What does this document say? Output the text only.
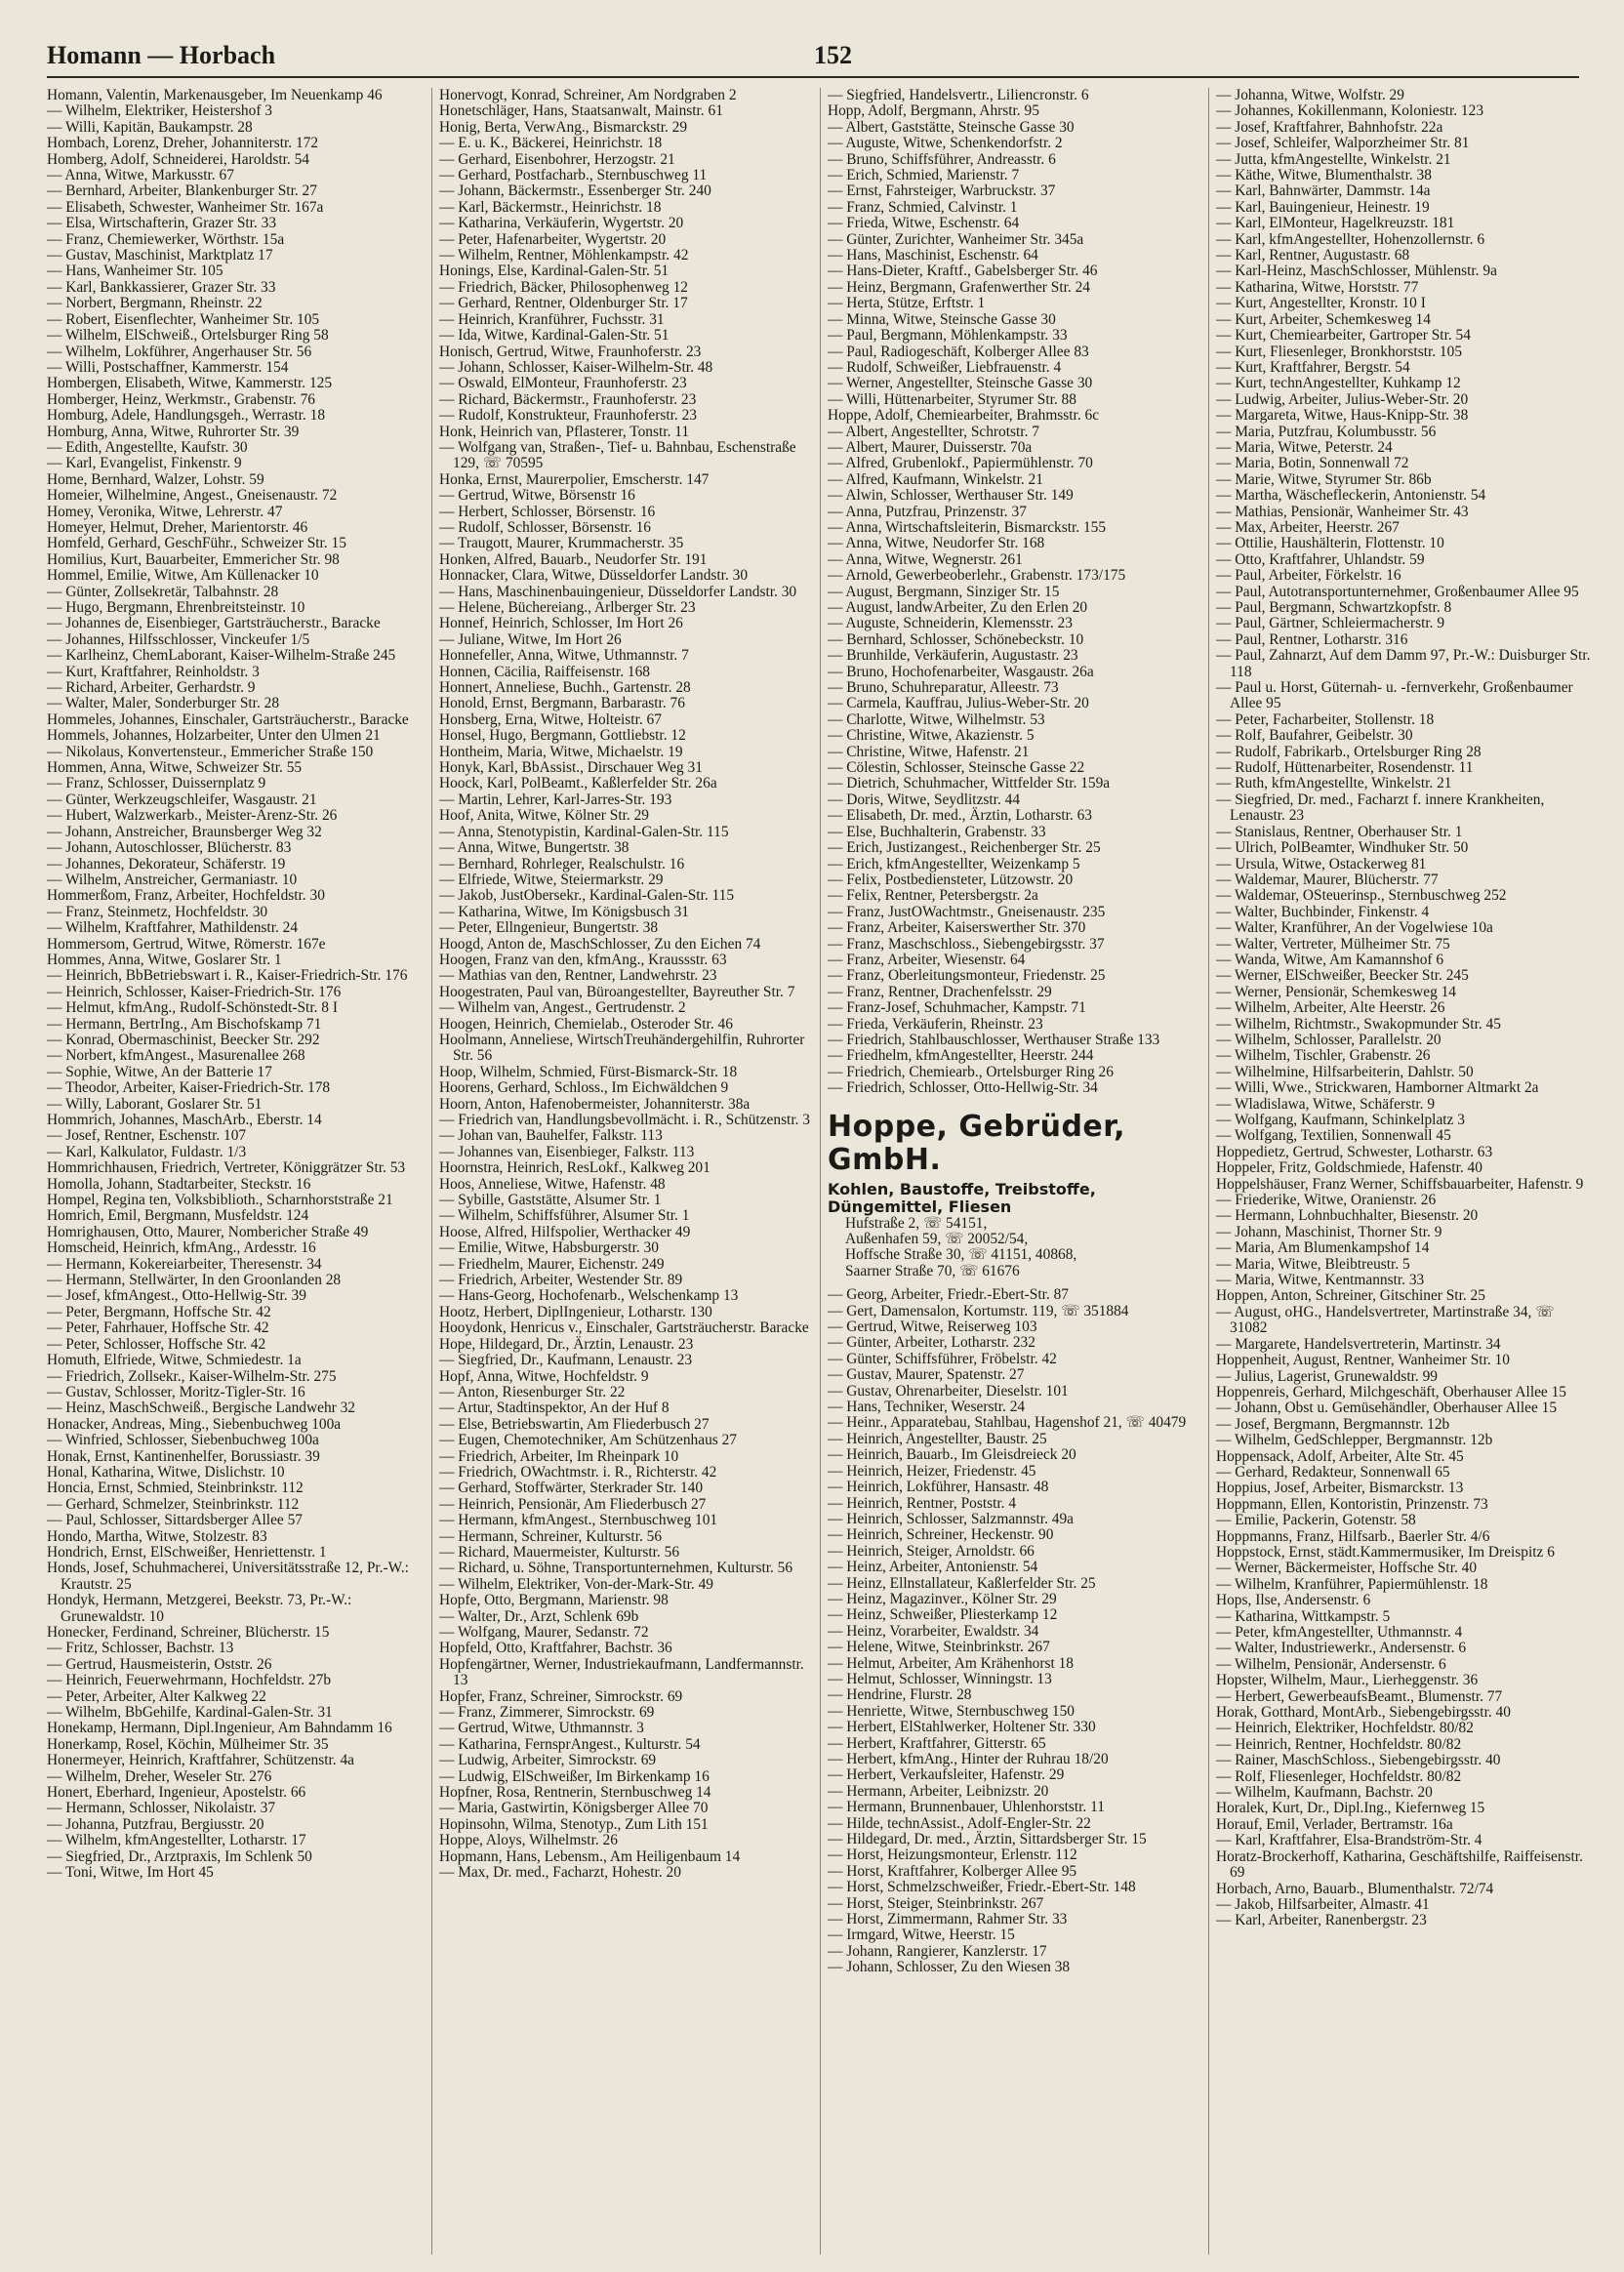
Homann — Horbach	152
Homann, Valentin, Markenausgeber, Im Neuenkamp 46
— Wilhelm, Elektriker, Heistershof 3
— Willi, Kapitän, Baukampstr. 28
Hombach, Lorenz, Dreher, Johanniterstr. 172
Homberg, Adolf, Schneiderei, Haroldstr. 54
— Anna, Witwe, Markusstr. 67
— Bernhard, Arbeiter, Blankenburger Str. 27
— Elisabeth, Schwester, Wanheimer Str. 167a
— Elsa, Wirtschafterin, Grazer Str. 33
— Franz, Chemiewerker, Wörthstr. 15a
— Gustav, Maschinist, Marktplatz 17
— Hans, Wanheimer Str. 105
— Karl, Bankkassierer, Grazer Str. 33
— Norbert, Bergmann, Rheinstr. 22
— Robert, Eisenflechter, Wanheimer Str. 105
— Wilhelm, ElSchweiß., Ortelsburger Ring 58
— Wilhelm, Lokführer, Angerhauser Str. 56
— Willi, Postschaffner, Kammerstr. 154
Hombergen, Elisabeth, Witwe, Kammerstr. 125
Homberger, Heinz, Werkmstr., Grabenstr. 76
Homburg, Adele, Handlungsgeh., Werrastr. 18
Homburg, Anna, Witwe, Ruhrorter Str. 39
— Edith, Angestellte, Kaufstr. 30
— Karl, Evangelist, Finkenstr. 9
Home, Bernhard, Walzer, Lohstr. 59
Homeier, Wilhelmine, Angest., Gneisenaustr. 72
Homey, Veronika, Witwe, Lehrerstr. 47
Homeyer, Helmut, Dreher, Marientorstr. 46
Homfeld, Gerhard, GeschFühr., Schweizer Str. 15
Homilius, Kurt, Bauarbeiter, Emmericher Str. 98
Hommel, Emilie, Witwe, Am Küllenacker 10
— Günter, Zollsekretär, Talbahnstr. 28
— Hugo, Bergmann, Ehrenbreitsteinstr. 10
— Johannes de, Eisenbieger, Gartsträucherstr., Baracke
— Johannes, Hilfsschlosser, Vinckeufer 1/5
— Karlheinz, ChemLaborant, Kaiser-Wilhelm-Straße 245
— Kurt, Kraftfahrer, Reinholdstr. 3
— Richard, Arbeiter, Gerhardstr. 9
— Walter, Maler, Sonderburger Str. 28
Hommeles, Johannes, Einschaler, Gartsträucherstr., Baracke
Hommels, Johannes, Holzarbeiter, Unter den Ulmen 21
— Nikolaus, Konvertensteur., Emmericher Straße 150
Hommen, Anna, Witwe, Schweizer Str. 55
— Franz, Schlosser, Duissernplatz 9
— Günter, Werkzeugschleifer, Wasgaustr. 21
— Hubert, Walzwerkarb., Meister-Arenz-Str. 26
— Johann, Anstreicher, Braunsberger Weg 32
— Johann, Autoschlosser, Blücherstr. 83
— Johannes, Dekorateur, Schäferstr. 19
— Wilhelm, Anstreicher, Germaniastr. 10
Hommerßom, Franz, Arbeiter, Hochfeldstr. 30
— Franz, Steinmetz, Hochfeldstr. 30
— Wilhelm, Kraftfahrer, Mathildenstr. 24
Hommersom, Gertrud, Witwe, Römerstr. 167e
Hommes, Anna, Witwe, Goslarer Str. 1
— Heinrich, BbBetriebswart i. R., Kaiser-Friedrich-Str. 176
— Heinrich, Schlosser, Kaiser-Friedrich-Str. 176
— Helmut, kfmAng., Rudolf-Schönstedt-Str. 8 I
— Hermann, BertrIng., Am Bischofskamp 71
— Konrad, Obermaschinist, Beecker Str. 292
— Norbert, kfmAngest., Masurenallee 268
— Sophie, Witwe, An der Batterie 17
— Theodor, Arbeiter, Kaiser-Friedrich-Str. 178
— Willy, Laborant, Goslarer Str. 51
Hommrich, Johannes, MaschArb., Eberstr. 14
— Josef, Rentner, Eschenstr. 107
— Karl, Kalkulator, Fuldastr. 1/3
Hommrichhausen, Friedrich, Vertreter, Königgrätzer Str. 53
Homolla, Johann, Stadtarbeiter, Steckstr. 16
Hompel, Regina ten, Volksbiblioth., Scharnhorststraße 21
Homrich, Emil, Bergmann, Musfeldstr. 124
Homrighausen, Otto, Maurer, Nombericher Straße 49
Homscheid, Heinrich, kfmAng., Ardesstr. 16
— Hermann, Kokereiarbeiter, Theresenstr. 34
— Hermann, Stellwärter, In den Groonlanden 28
— Josef, kfmAngest., Otto-Hellwig-Str. 39
— Peter, Bergmann, Hoffsche Str. 42
— Peter, Fahrhauer, Hoffsche Str. 42
— Peter, Schlosser, Hoffsche Str. 42
Homuth, Elfriede, Witwe, Schmiedestr. 1a
— Friedrich, Zollsekr., Kaiser-Wilhelm-Str. 275
— Gustav, Schlosser, Moritz-Tigler-Str. 16
— Heinz, MaschSchweiß., Bergische Landwehr 32
Honacker, Andreas, Ming., Siebenbuchweg 100a
— Winfried, Schlosser, Siebenbuchweg 100a
Honak, Ernst, Kantinenhelfer, Borussiastr. 39
Honal, Katharina, Witwe, Dislichstr. 10
Honcia, Ernst, Schmied, Steinbrinkstr. 112
— Gerhard, Schmelzer, Steinbrinkstr. 112
— Paul, Schlosser, Sittardsberger Allee 57
Hondo, Martha, Witwe, Stolzestr. 83
Hondrich, Ernst, ElSchweißer, Henriettenstr. 1
Honds, Josef, Schuhmacherei, Universitätsstraße 12, Pr.-W.: Krautstr. 25
Hondyk, Hermann, Metzgerei, Beekstr. 73, Pr.-W.: Grunewaldstr. 10
Honecker, Ferdinand, Schreiner, Blücherstr. 15
— Fritz, Schlosser, Bachstr. 13
— Gertrud, Hausmeisterin, Oststr. 26
— Heinrich, Feuerwehrmann, Hochfeldstr. 27b
— Peter, Arbeiter, Alter Kalkweg 22
— Wilhelm, BbGehilfe, Kardinal-Galen-Str. 31
Honekamp, Hermann, Dipl.Ingenieur, Am Bahndamm 16
Honerkamp, Rosel, Köchin, Mülheimer Str. 35
Honermeyer, Heinrich, Kraftfahrer, Schützenstr. 4a
— Wilhelm, Dreher, Weseler Str. 276
Honert, Eberhard, Ingenieur, Apostelstr. 66
— Hermann, Schlosser, Nikolaistr. 37
— Johanna, Putzfrau, Bergiusstr. 20
— Wilhelm, kfmAngestellter, Lotharstr. 17
— Siegfried, Dr., Arztpraxis, Im Schlenk 50
— Toni, Witwe, Im Hort 45
Honervogt, Konrad, Schreiner, Am Nordgraben 2
Honetschläger, Hans, Staatsanwalt, Mainstr. 61
Honig, Berta, VerwAng., Bismarckstr. 29
— E. u. K., Bäckerei, Heinrichstr. 18
— Gerhard, Eisenbohrer, Herzogstr. 21
— Gerhard, Postfacharb., Sternbuschweg 11
— Johann, Bäckermstr., Essenberger Str. 240
— Karl, Bäckermstr., Heinrichstr. 18
— Katharina, Verkäuferin, Wygertstr. 20
— Peter, Hafenarbeiter, Wygertstr. 20
— Wilhelm, Rentner, Möhlenkampstr. 42
Honings, Else, Kardinal-Galen-Str. 51
— Friedrich, Bäcker, Philosophenweg 12
— Gerhard, Rentner, Oldenburger Str. 17
— Heinrich, Kranführer, Fuchsstr. 31
— Ida, Witwe, Kardinal-Galen-Str. 51
Honisch, Gertrud, Witwe, Fraunhoferstr. 23
— Johann, Schlosser, Kaiser-Wilhelm-Str. 48
— Oswald, ElMonteur, Fraunhoferstr. 23
— Richard, Bäckermstr., Fraunhoferstr. 23
— Rudolf, Konstrukteur, Fraunhoferstr. 23
Honk, Heinrich van, Pflasterer, Tonstr. 11
— Wolfgang van, Straßen-, Tief- u. Bahnbau, Eschenstraße 129, ☏ 70595
Honka, Ernst, Maurerpolier, Emscherstr. 147
— Gertrud, Witwe, Börsenstr 16
— Herbert, Schlosser, Börsenstr. 16
— Rudolf, Schlosser, Börsenstr. 16
— Traugott, Maurer, Krummacherstr. 35
Honken, Alfred, Bauarb., Neudorfer Str. 191
Honnacker, Clara, Witwe, Düsseldorfer Landstr. 30
— Hans, Maschinenbauingenieur, Düsseldorfer Landstr. 30
— Helene, Büchereiang., Arlberger Str. 23
Honnef, Heinrich, Schlosser, Im Hort 26
— Juliane, Witwe, Im Hort 26
Honnefeller, Anna, Witwe, Uthmannstr. 7
Honnen, Cäcilia, Raiffeisenstr. 168
Honnert, Anneliese, Buchh., Gartenstr. 28
Honold, Ernst, Bergmann, Barbarastr. 76
Honsberg, Erna, Witwe, Holteistr. 67
Honsel, Hugo, Bergmann, Gottliebstr. 12
Hontheim, Maria, Witwe, Michaelstr. 19
Honyk, Karl, BbAssist., Dirschauer Weg 31
Hoock, Karl, PolBeamt., Kaßlerfelder Str. 26a
— Martin, Lehrer, Karl-Jarres-Str. 193
Hoof, Anita, Witwe, Kölner Str. 29
— Anna, Stenotypistin, Kardinal-Galen-Str. 115
— Anna, Witwe, Bungertstr. 38
— Bernhard, Rohrleger, Realschulstr. 16
— Elfriede, Witwe, Steiermarkstr. 29
— Jakob, JustObersekr., Kardinal-Galen-Str. 115
— Katharina, Witwe, Im Königsbusch 31
— Peter, Ellngenieur, Bungertstr. 38
Hoogd, Anton de, MaschSchlosser, Zu den Eichen 74
Hoogen, Franz van den, kfmAng., Kraussstr. 63
— Mathias van den, Rentner, Landwehrstr. 23
Hoogestraten, Paul van, Büroangestellter, Bayreuther Str. 7
— Wilhelm van, Angest., Gertrudenstr. 2
Hoogen, Heinrich, Chemielab., Osteroder Str. 46
Hoolmann, Anneliese, WirtschTreuhändergehilfin, Ruhrorter Str. 56
Hoop, Wilhelm, Schmied, Fürst-Bismarck-Str. 18
Hoorens, Gerhard, Schloss., Im Eichwäldchen 9
Hoorn, Anton, Hafenobermeister, Johanniterstr. 38a
— Friedrich van, Handlungsbevollmächt. i. R., Schützenstr. 3
— Johan van, Bauhelfer, Falkstr. 113
— Johannes van, Eisenbieger, Falkstr. 113
Hoornstra, Heinrich, ResLokf., Kalkweg 201
Hoos, Anneliese, Witwe, Hafenstr. 48
— Sybille, Gaststätte, Alsumer Str. 1
— Wilhelm, Schiffsführer, Alsumer Str. 1
Hoose, Alfred, Hilfspolier, Werthacker 49
— Emilie, Witwe, Habsburgerstr. 30
— Friedhelm, Maurer, Eichenstr. 249
— Friedrich, Arbeiter, Westender Str. 89
— Hans-Georg, Hochofenarb., Welschenkamp 13
Hootz, Herbert, DiplIngenieur, Lotharstr. 130
Hooydonk, Henricus v., Einschaler, Gartsträucherstr. Baracke
Hope, Hildegard, Dr., Ärztin, Lenaustr. 23
— Siegfried, Dr., Kaufmann, Lenaustr. 23
Hopf, Anna, Witwe, Hochfeldstr. 9
— Anton, Riesenburger Str. 22
— Artur, Stadtinspektor, An der Huf 8
— Else, Betriebswartin, Am Fliederbusch 27
— Eugen, Chemotechniker, Am Schützenhaus 27
— Friedrich, Arbeiter, Im Rheinpark 10
— Friedrich, OWachtmstr. i. R., Richterstr. 42
— Gerhard, Stoffwärter, Sterkrader Str. 140
— Heinrich, Pensionär, Am Fliederbusch 27
— Hermann, kfmAngest., Sternbuschweg 101
— Hermann, Schreiner, Kulturstr. 56
— Richard, Mauermeister, Kulturstr. 56
— Richard, u. Söhne, Transportunternehmen, Kulturstr. 56
— Wilhelm, Elektriker, Von-der-Mark-Str. 49
Hopfe, Otto, Bergmann, Marienstr. 98
— Walter, Dr., Arzt, Schlenk 69b
— Wolfgang, Maurer, Sedanstr. 72
Hopfeld, Otto, Kraftfahrer, Bachstr. 36
Hopfengärtner, Werner, Industriekaufmann, Landfermannstr. 13
Hopfer, Franz, Schreiner, Simrockstr. 69
— Franz, Zimmerer, Simrockstr. 69
— Gertrud, Witwe, Uthmannstr. 3
— Katharina, FernsprAngest., Kulturstr. 54
— Ludwig, Arbeiter, Simrockstr. 69
— Ludwig, ElSchweißer, Im Birkenkamp 16
Hopfner, Rosa, Rentnerin, Sternbuschweg 14
— Maria, Gastwirtin, Königsberger Allee 70
Hopinsohn, Wilma, Stenotyp., Zum Lith 151
Hoppe, Aloys, Wilhelmstr. 26
Hopmann, Hans, Lebensm., Am Heiligenbaum 14
— Max, Dr. med., Facharzt, Hohestr. 20
— Siegfried, Handelsvertr., Liliencronstr. 6
Hopp, Adolf, Bergmann, Ahrstr. 95
— Albert, Gaststätte, Steinsche Gasse 30
— Auguste, Witwe, Schenkendorfstr. 2
— Bruno, Schiffsführer, Andreasstr. 6
— Erich, Schmied, Marienstr. 7
— Ernst, Fahrsteiger, Warbruckstr. 37
— Franz, Schmied, Calvinstr. 1
— Frieda, Witwe, Eschenstr. 64
— Günter, Zurichter, Wanheimer Str. 345a
— Hans, Maschinist, Eschenstr. 64
— Hans-Dieter, Kraftf., Gabelsberger Str. 46
— Heinz, Bergmann, Grafenwerther Str. 24
— Herta, Stütze, Erftstr. 1
— Minna, Witwe, Steinsche Gasse 30
— Paul, Bergmann, Möhlenkampstr. 33
— Paul, Radiogeschäft, Kolberger Allee 83
— Rudolf, Schweißer, Liebfrauenstr. 4
— Werner, Angestellter, Steinsche Gasse 30
— Willi, Hüttenarbeiter, Styrumer Str. 88
Hoppe, Adolf, Chemiearbeiter, Brahmsstr. 6c
— Albert, Angestellter, Schrotstr. 7
— Albert, Maurer, Duisserstr. 70a
— Alfred, Grubenlokf., Papiermühlenstr. 70
— Alfred, Kaufmann, Winkelstr. 21
— Alwin, Schlosser, Werthauser Str. 149
— Anna, Putzfrau, Prinzenstr. 37
— Anna, Wirtschaftsleiterin, Bismarckstr. 155
— Anna, Witwe, Neudorfer Str. 168
— Anna, Witwe, Wegnerstr. 261
— Arnold, Gewerbeoberlehr., Grabenstr. 173/175
— August, Bergmann, Sinziger Str. 15
— August, landwArbeiter, Zu den Erlen 20
— Auguste, Schneiderin, Klemensstr. 23
— Bernhard, Schlosser, Schönebeckstr. 10
— Brunhilde, Verkäuferin, Augustastr. 23
— Bruno, Hochofenarbeiter, Wasgaustr. 26a
— Bruno, Schuhreparatur, Alleestr. 73
— Carmela, Kauffrau, Julius-Weber-Str. 20
— Charlotte, Witwe, Wilhelmstr. 53
— Christine, Witwe, Akazienstr. 5
— Christine, Witwe, Hafenstr. 21
— Cölestin, Schlosser, Steinsche Gasse 22
— Dietrich, Schuhmacher, Wittfelder Str. 159a
— Doris, Witwe, Seydlitzstr. 44
— Elisabeth, Dr. med., Ärztin, Lotharstr. 63
— Else, Buchhalterin, Grabenstr. 33
— Erich, Justizangest., Reichenberger Str. 25
— Erich, kfmAngestellter, Weizenkamp 5
— Felix, Postbediensteter, Lützowstr. 20
— Felix, Rentner, Petersbergstr. 2a
— Franz, JustOWachtmstr., Gneisenaustr. 235
— Franz, Arbeiter, Kaiserswerther Str. 370
— Franz, Maschschloss., Siebengebirgsstr. 37
— Franz, Arbeiter, Wiesenstr. 64
— Franz, Oberleitungsmonteur, Friedenstr. 25
— Franz, Rentner, Drachenfelsstr. 29
— Franz-Josef, Schuhmacher, Kampstr. 71
— Frieda, Verkäuferin, Rheinstr. 23
— Friedrich, Stahlbauschlosser, Werthauser Straße 133
— Friedhelm, kfmAngestellter, Heerstr. 244
— Friedrich, Chemiearb., Ortelsburger Ring 26
— Friedrich, Schlosser, Otto-Hellwig-Str. 34
Hoppe, Gebrüder, GmbH.
Kohlen, Baustoffe, Treibstoffe, Düngemittel, Fliesen
Hufstraße 2, ☏ 54151,
Außenhafen 59, ☏ 20052/54,
Hoffsche Straße 30, ☏ 41151, 40868,
Saarner Straße 70, ☏ 61676
— Georg, Arbeiter, Friedr.-Ebert-Str. 87
— Gert, Damensalon, Kortumstr. 119, ☏ 351884
— Gertrud, Witwe, Reiserweg 103
— Günter, Arbeiter, Lotharstr. 232
— Günter, Schiffsführer, Fröbelstr. 42
— Gustav, Maurer, Spatenstr. 27
— Gustav, Ohrenarbeiter, Dieselstr. 101
— Hans, Techniker, Weserstr. 24
— Heinr., Apparatebau, Stahlbau, Hagenshof 21, ☏ 40479
— Heinrich, Angestellter, Baustr. 25
— Heinrich, Bauarb., Im Gleisdreieck 20
— Heinrich, Heizer, Friedenstr. 45
— Heinrich, Lokführer, Hansastr. 48
— Heinrich, Rentner, Poststr. 4
— Heinrich, Schlosser, Salzmannstr. 49a
— Heinrich, Schreiner, Heckenstr. 90
— Heinrich, Steiger, Arnoldstr. 66
— Heinz, Arbeiter, Antonienstr. 54
— Heinz, Ellnstallateur, Kaßlerfelder Str. 25
— Heinz, Magazinver., Kölner Str. 29
— Heinz, Schweißer, Pliesterkamp 12
— Heinz, Vorarbeiter, Ewaldstr. 34
— Helene, Witwe, Steinbrinkstr. 267
— Helmut, Arbeiter, Am Krähenhorst 18
— Helmut, Schlosser, Winningstr. 13
— Hendrine, Flurstr. 28
— Henriette, Witwe, Sternbuschweg 150
— Herbert, ElStahlwerker, Holtener Str. 330
— Herbert, Kraftfahrer, Gitterstr. 65
— Herbert, kfmAng., Hinter der Ruhrau 18/20
— Herbert, Verkaufsleiter, Hafenstr. 29
— Hermann, Arbeiter, Leibnizstr. 20
— Hermann, Brunnenbauer, Uhlenhorststr. 11
— Hilde, technAssist., Adolf-Engler-Str. 22
— Hildegard, Dr. med., Ärztin, Sittardsberger Str. 15
— Horst, Heizungsmonteur, Erlenstr. 112
— Horst, Kraftfahrer, Kolberger Allee 95
— Horst, Schmelzschweißer, Friedr.-Ebert-Str. 148
— Horst, Steiger, Steinbrinkstr. 267
— Horst, Zimmermann, Rahmer Str. 33
— Irmgard, Witwe, Heerstr. 15
— Johann, Rangierer, Kanzlerstr. 17
— Johann, Schlosser, Zu den Wiesen 38
— Johanna, Witwe, Wolfstr. 29
— Johannes, Kokillenmann, Koloniestr. 123
— Josef, Kraftfahrer, Bahnhofstr. 22a
— Josef, Schleifer, Walporzheimer Str. 81
— Jutta, kfmAngestellte, Winkelstr. 21
— Käthe, Witwe, Blumenthalstr. 38
— Karl, Bahnwärter, Dammstr. 14a
— Karl, Bauingenieur, Heinestr. 19
— Karl, ElMonteur, Hagelkreuzstr. 181
— Karl, kfmAngestellter, Hohenzollernstr. 6
— Karl, Rentner, Augustastr. 68
— Karl-Heinz, MaschSchlosser, Mühlenstr. 9a
— Katharina, Witwe, Horststr. 77
— Kurt, Angestellter, Kronstr. 10 I
— Kurt, Arbeiter, Schemkesweg 14
— Kurt, Chemiearbeiter, Gartroper Str. 54
— Kurt, Fliesenleger, Bronkhorststr. 105
— Kurt, Kraftfahrer, Bergstr. 54
— Kurt, technAngestellter, Kuhkamp 12
— Ludwig, Arbeiter, Julius-Weber-Str. 20
— Margareta, Witwe, Haus-Knipp-Str. 38
— Maria, Putzfrau, Kolumbusstr. 56
— Maria, Witwe, Peterstr. 24
— Maria, Botin, Sonnenwall 72
— Marie, Witwe, Styrumer Str. 86b
— Martha, Wäschefleckerin, Antonienstr. 54
— Mathias, Pensionär, Wanheimer Str. 43
— Max, Arbeiter, Heerstr. 267
— Ottilie, Haushälterin, Flottenstr. 10
— Otto, Kraftfahrer, Uhlandstr. 59
— Paul, Arbeiter, Förkelstr. 16
— Paul, Autotransportunternehmer, Großenbaumer Allee 95
— Paul, Bergmann, Schwartzkopfstr. 8
— Paul, Gärtner, Schleiermacherstr. 9
— Paul, Rentner, Lotharstr. 316
— Paul, Zahnarzt, Auf dem Damm 97, Pr.-W.: Duisburger Str. 118
— Paul u. Horst, Güternah- u. -fernverkehr, Großenbaumer Allee 95
— Peter, Facharbeiter, Stollenstr. 18
— Rolf, Baufahrer, Geibelstr. 30
— Rudolf, Fabrikarb., Ortelsburger Ring 28
— Rudolf, Hüttenarbeiter, Rosendenstr. 11
— Ruth, kfmAngestellte, Winkelstr. 21
— Siegfried, Dr. med., Facharzt f. innere Krankheiten, Lenaustr. 23
— Stanislaus, Rentner, Oberhauser Str. 1
— Ulrich, PolBeamter, Windhuker Str. 50
— Ursula, Witwe, Ostackerweg 81
— Waldemar, Maurer, Blücherstr. 77
— Waldemar, OSteuerinsp., Sternbuschweg 252
— Walter, Buchbinder, Finkenstr. 4
— Walter, Kranführer, An der Vogelwiese 10a
— Walter, Vertreter, Mülheimer Str. 75
— Wanda, Witwe, Am Kamannshof 6
— Werner, ElSchweißer, Beecker Str. 245
— Werner, Pensionär, Schemkesweg 14
— Wilhelm, Arbeiter, Alte Heerstr. 26
— Wilhelm, Richtmstr., Swakopmunder Str. 45
— Wilhelm, Schlosser, Parallelstr. 20
— Wilhelm, Tischler, Grabenstr. 26
— Wilhelmine, Hilfsarbeiterin, Dahlstr. 50
— Willi, Wwe., Strickwaren, Hamborner Altmarkt 2a
— Wladislawa, Witwe, Schäferstr. 9
— Wolfgang, Kaufmann, Schinkelplatz 3
— Wolfgang, Textilien, Sonnenwall 45
Hoppedietz, Gertrud, Schwester, Lotharstr. 63
Hoppeler, Fritz, Goldschmiede, Hafenstr. 40
Hoppelshäuser, Franz Werner, Schiffsbauarbeiter, Hafenstr. 9
— Friederike, Witwe, Oranienstr. 26
— Hermann, Lohnbuchhalter, Biesenstr. 20
— Johann, Maschinist, Thorner Str. 9
— Maria, Am Blumenkampshof 14
— Maria, Witwe, Bleibtreustr. 5
— Maria, Witwe, Kentmannstr. 33
Hoppen, Anton, Schreiner, Gitschiner Str. 25
— August, oHG., Handelsvertreter, Martinstraße 34, ☏ 31082
— Margarete, Handelsvertreterin, Martinstr. 34
Hoppenheit, August, Rentner, Wanheimer Str. 10
— Julius, Lagerist, Grunewaldstr. 99
Hoppenreis, Gerhard, Milchgeschäft, Oberhauser Allee 15
— Johann, Obst u. Gemüsehändler, Oberhauser Allee 15
— Josef, Bergmann, Bergmannstr. 12b
— Wilhelm, GedSchlepper, Bergmannstr. 12b
Hoppensack, Adolf, Arbeiter, Alte Str. 45
— Gerhard, Redakteur, Sonnenwall 65
Hoppius, Josef, Arbeiter, Bismarckstr. 13
Hoppmann, Ellen, Kontoristin, Prinzenstr. 73
— Emilie, Packerin, Gotenstr. 58
Hoppmanns, Franz, Hilfsarb., Baerler Str. 4/6
Hoppstock, Ernst, städt.Kammermusiker, Im Dreispitz 6
— Werner, Bäckermeister, Hoffsche Str. 40
— Wilhelm, Kranführer, Papiermühlenstr. 18
Hops, Ilse, Andersenstr. 6
— Katharina, Wittkampstr. 5
— Peter, kfmAngestellter, Uthmannstr. 4
— Walter, Industriewerkr., Andersenstr. 6
— Wilhelm, Pensionär, Andersenstr. 6
Hopster, Wilhelm, Maur., Lierheggenstr. 36
— Herbert, GewerbeaufsBeamt., Blumenstr. 77
Horak, Gotthard, MontArb., Siebengebirgsstr. 40
— Heinrich, Elektriker, Hochfeldstr. 80/82
— Heinrich, Rentner, Hochfeldstr. 80/82
— Rainer, MaschSchloss., Siebengebirgsstr. 40
— Rolf, Fliesenleger, Hochfeldstr. 80/82
— Wilhelm, Kaufmann, Bachstr. 20
Horalek, Kurt, Dr., Dipl.Ing., Kiefernweg 15
Horauf, Emil, Verlader, Bertramstr. 16a
— Karl, Kraftfahrer, Elsa-Brandström-Str. 4
Horatz-Brockerhoff, Katharina, Geschäftshilfe, Raiffeisenstr. 69
Horbach, Arno, Bauarb., Blumenthalstr. 72/74
— Jakob, Hilfsarbeiter, Almastr. 41
— Karl, Arbeiter, Ranenbergstr. 23
